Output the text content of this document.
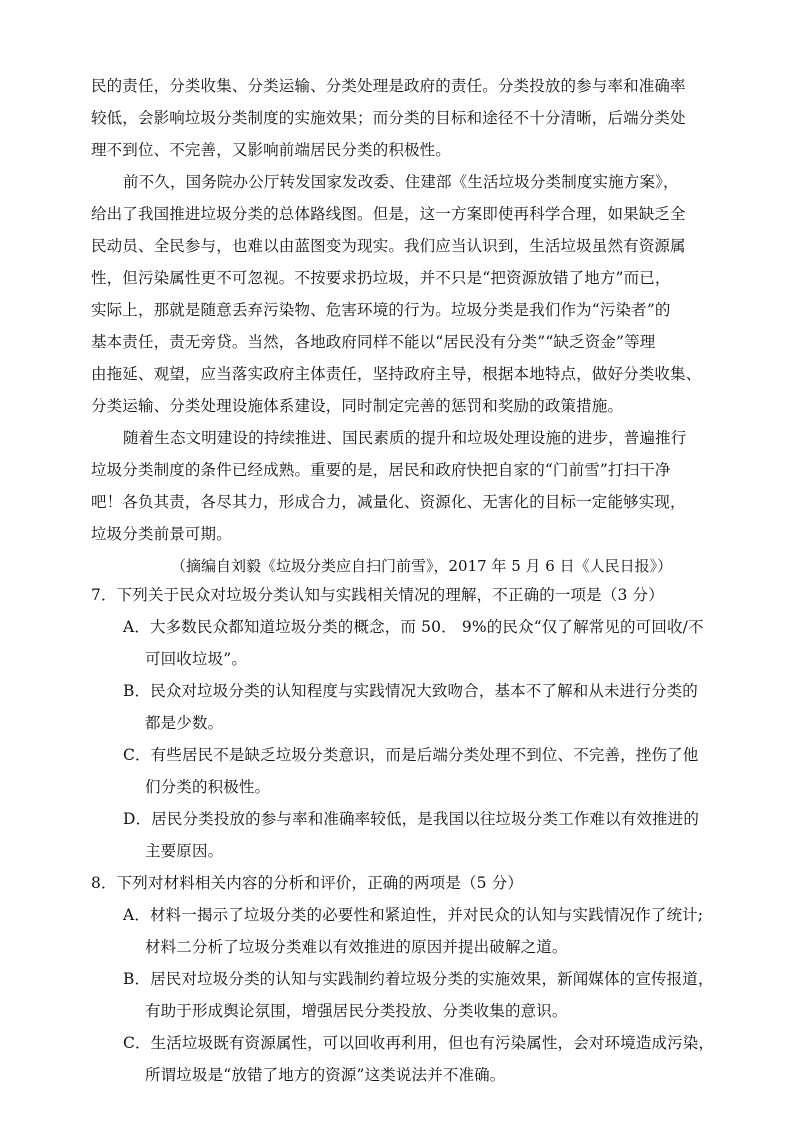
民的责任，分类收集、分类运输、分类处理是政府的责任。分类投放的参与率和准确率
较低，会影响垃圾分类制度的实施效果；而分类的目标和途径不十分清晰，后端分类处
理不到位、不完善，又影响前端居民分类的积极性。
前不久，国务院办公厅转发国家发改委、住建部《生活垃圾分类制度实施方案》，
给出了我国推进垃圾分类的总体路线图。但是，这一方案即使再科学合理，如果缺乏全
民动员、全民参与，也难以由蓝图变为现实。我们应当认识到，生活垃圾虽然有资源属
性，但污染属性更不可忽视。不按要求扔垃圾，并不只是“把资源放错了地方”而已，
实际上，那就是随意丢弃污染物、危害环境的行为。垃圾分类是我们作为“污染者”的
基本责任，责无旁贷。当然，各地政府同样不能以“居民没有分类”“缺乏资金”等理
由拖延、观望，应当落实政府主体责任，坚持政府主导，根据本地特点，做好分类收集、
分类运输、分类处理设施体系建设，同时制定完善的惩罚和奖励的政策措施。
随着生态文明建设的持续推进、国民素质的提升和垃圾处理设施的进步，普遍推行
垃圾分类制度的条件已经成熟。重要的是，居民和政府快把自家的“门前雪”打扫干净
吧！各负其责，各尽其力，形成合力，减量化、资源化、无害化的目标一定能够实现，
垃圾分类前景可期。
（摘编自刘毅《垃圾分类应自扫门前雪》，2017 年 5 月 6 日《人民日报》）
7．下列关于民众对垃圾分类认知与实践相关情况的理解，不正确的一项是（3 分）
A．大多数民众都知道垃圾分类的概念，而 50． 9%的民众“仅了解常见的可回收/不
可回收垃圾”。
B．民众对垃圾分类的认知程度与实践情况大致吻合，基本不了解和从未进行分类的
都是少数。
C．有些居民不是缺乏垃圾分类意识，而是后端分类处理不到位、不完善，挫伤了他
们分类的积极性。
D．居民分类投放的参与率和准确率较低，是我国以往垃圾分类工作难以有效推进的
主要原因。
8．下列对材料相关内容的分析和评价，正确的两项是（5 分）
A．材料一揭示了垃圾分类的必要性和紧迫性，并对民众的认知与实践情况作了统计;
材料二分析了垃圾分类难以有效推进的原因并提出破解之道。
B．居民对垃圾分类的认知与实践制约着垃圾分类的实施效果，新闻媒体的宣传报道，
有助于形成舆论氛围，增强居民分类投放、分类收集的意识。
C．生活垃圾既有资源属性，可以回收再利用，但也有污染属性，会对环境造成污染，
所谓垃圾是“放错了地方的资源”这类说法并不准确。
